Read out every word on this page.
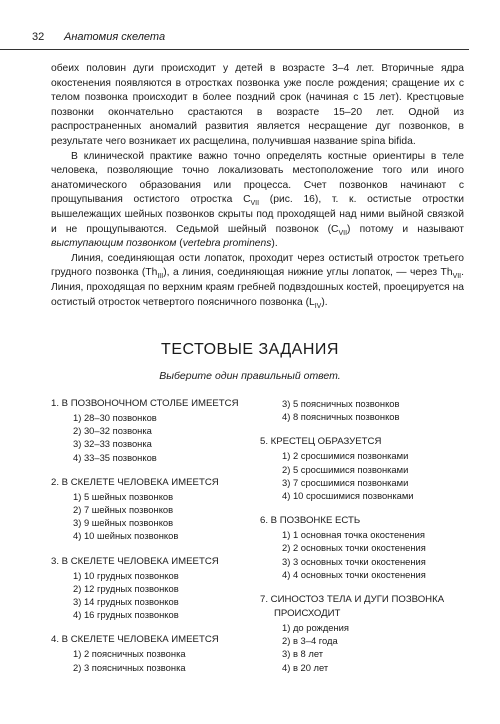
32 Анатомия скелета

обеих половин дуги происходит у детей в возрасте 3–4 лет. Вторичные ядра окостенения появляются в отростках позвонка уже после рождения; сращение их с телом позвонка происходит в более поздний срок (начиная с 15 лет). Крестцовые позвонки окончательно срастаются в возрасте 15–20 лет. Одной из распространенных аномалий развития является несращение дуг позвонков, в результате чего возникает их расщелина, получившая название spina bifida.

В клинической практике важно точно определять костные ориентиры в теле человека, позволяющие точно локализовать местоположение того или иного анатомического образования или процесса. Счет позвонков начинают с прощупывания остистого отростка $C_{VII}$ (рис. 16), т. к. остистые отростки вышележащих шейных позвонков скрыты под проходящей над ними выйной связкой и не прощупываются. Седьмой шейный позвонок $(C_{VII})$ потому и называют выступающим позвонком (vertebra prominens).

Линия, соединяющая ости лопаток, проходит через остистый отросток третьего грудного позвонка $(Th_{III})$, а линия, соединяющая нижние углы лопаток, — через $Th_{VII}$. Линия, проходящая по верхним краям гребней подвздошных костей, проецируется на остистый отросток четвертого поясничного позвонка $(L_{IV})$.

ТЕСТОВЫЕ ЗАДАНИЯ
Выберите один правильный ответ.
1. В ПОЗВОНОЧНОМ СТОЛБЕ ИМЕЕТСЯ
1) 28–30 позвонков
2) 30–32 позвонка
3) 32–33 позвонка
4) 33–35 позвонков
2. В СКЕЛЕТЕ ЧЕЛОВЕКА ИМЕЕТСЯ
1) 5 шейных позвонков
2) 7 шейных позвонков
3) 9 шейных позвонков
4) 10 шейных позвонков
3. В СКЕЛЕТЕ ЧЕЛОВЕКА ИМЕЕТСЯ
1) 10 грудных позвонков
2) 12 грудных позвонков
3) 14 грудных позвонков
4) 16 грудных позвонков
4. В СКЕЛЕТЕ ЧЕЛОВЕКА ИМЕЕТСЯ
1) 2 поясничных позвонка
2) 3 поясничных позвонка
3) 5 поясничных позвонков
4) 8 поясничных позвонков
5. КРЕСТЕЦ ОБРАЗУЕТСЯ
1) 2 сросшимися позвонками
2) 5 сросшимися позвонками
3) 7 сросшимися позвонками
4) 10 сросшимися позвонками
6. В ПОЗВОНКЕ ЕСТЬ
1) 1 основная точка окостенения
2) 2 основных точки окостенения
3) 3 основных точки окостенения
4) 4 основных точки окостенения
7. СИНОСТОЗ ТЕЛА И ДУГИ ПОЗВОНКА
ПРОИСХОДИТ
1) до рождения
2) в 3–4 года
3) в 8 лет
4) в 20 лет
